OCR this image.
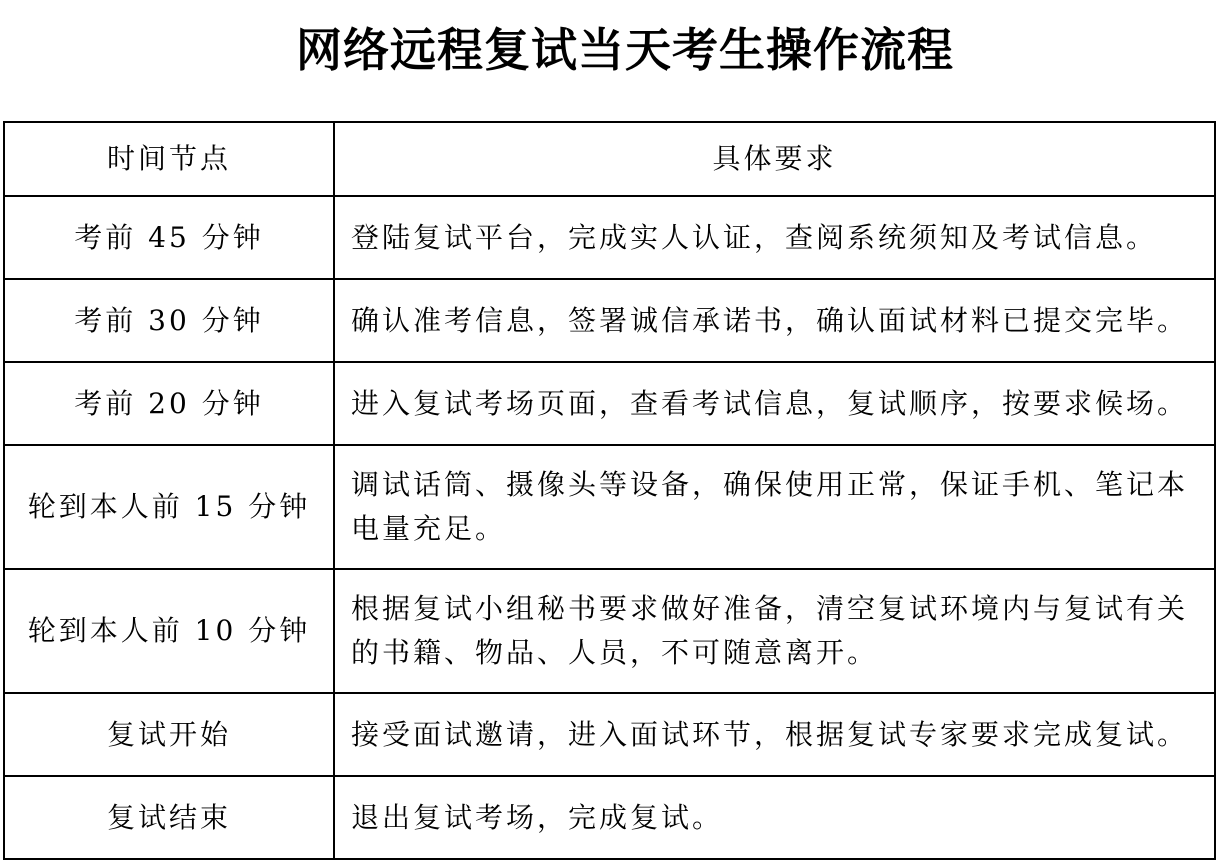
网络远程复试当天考生操作流程
时间节点	具体要求
考前 45 分钟	登陆复试平台，完成实人认证，查阅系统须知及考试信息。
考前 30 分钟	确认准考信息，签署诚信承诺书，确认面试材料已提交完毕。
考前 20 分钟	进入复试考场页面，查看考试信息，复试顺序，按要求候场。
轮到本人前 15 分钟	调试话筒、摄像头等设备，确保使用正常，保证手机、笔记本电量充足。
轮到本人前 10 分钟	根据复试小组秘书要求做好准备，清空复试环境内与复试有关的书籍、物品、人员，不可随意离开。
复试开始	接受面试邀请，进入面试环节，根据复试专家要求完成复试。
复试结束	退出复试考场，完成复试。
